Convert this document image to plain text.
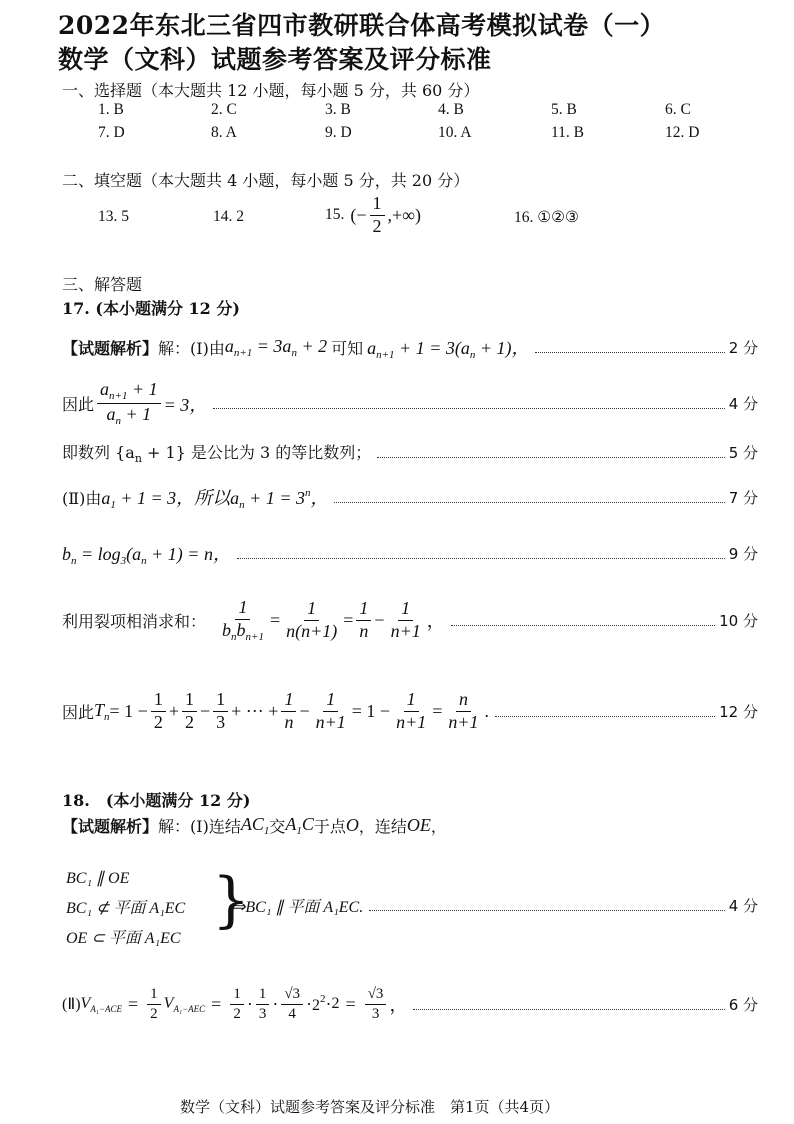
2022年东北三省四市教研联合体高考模拟试卷（一）
数学（文科）试题参考答案及评分标准
一、选择题（本大题共 12 小题，每小题 5 分，共 60 分）
1. B	2. C	3. B	4. B	5. B	6. C
7. D	8. A	9. D	10. A	11. B	12. D
二、填空题（本大题共 4 小题，每小题 5 分，共 20 分）
13. 5	14. 2	15. (− $\frac{1}{2}$ ,+∞)	16. ①②③
三、解答题
17. (本小题满分 12 分)
【试题解析】 解： (Ⅰ)由 $a_{n+1} = 3a_n + 2$ 可知 $a_{n+1} + 1 = 3(a_n + 1)$，	2 分
因此 $\frac{a_{n+1} + 1}{a_n + 1} = 3$，	4 分
即数列 $\{a_n + 1\}$ 是公比为 3 的等比数列；	5 分
(Ⅱ)由 $a_1 + 1 = 3$，所以$a_n + 1 = 3^n$，	7 分
$b_n = \log_3(a_n + 1) = n$，	9 分
利用裂项相消求和： $\frac{1}{b_nb_{n+1}} = \frac{1}{n(n+1)} = \frac{1}{n} - \frac{1}{n+1}$ ，	10 分
因此 $T_n = 1 - \frac{1}{2} + \frac{1}{2} - \frac{1}{3}$ + ··· + $\frac{1}{n} - \frac{1}{n+1} = 1 - \frac{1}{n+1} = \frac{n}{n+1}$ .	12 分
18.　(本小题满分 12 分)
【试题解析】 解： (Ⅰ)连结 $AC_1$ 交 $A_1C$ 于点 O ，连结 OE ，
BC₁ ∥ OE
BC₁ ⊄ 平面 A₁EC
OE ⊂ 平面 A₁EC
}
⇒BC₁ ∥ 平面 A₁EC.	4 分
(Ⅱ) $V_{A_1-ACE} = \frac{1}{2} V_{A_1-AEC} = \frac{1}{2} \cdot \frac{1}{3} \cdot \frac{√3}{4} \cdot 2^2 \cdot 2 = \frac{√3}{3}$ ，	6 分
数学（文科）试题参考答案及评分标准　第1页（共4页）
